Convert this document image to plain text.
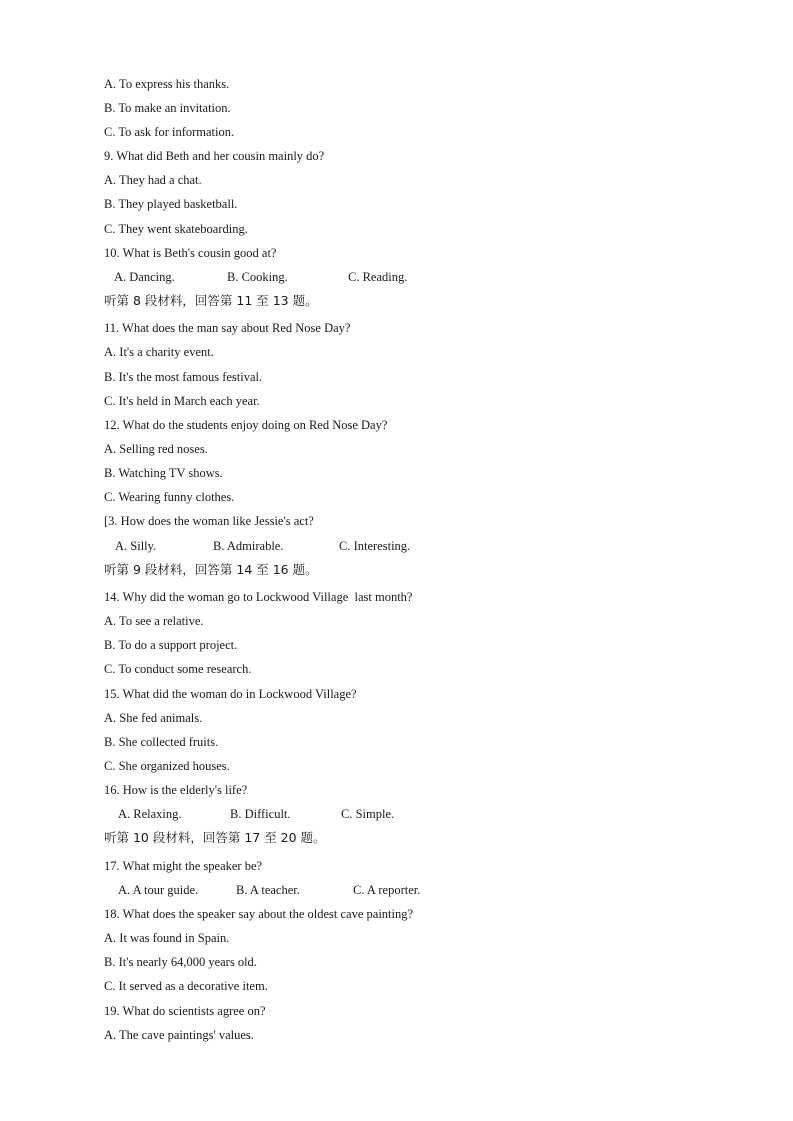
A. To express his thanks.
B. To make an invitation.
C. To ask for information.
9. What did Beth and her cousin mainly do?
A. They had a chat.
B. They played basketball.
C. They went skateboarding.
10. What is Beth's cousin good at?
A. Dancing.	B. Cooking.	C. Reading.
听第 8 段材料，回答第 11 至 13 题。
11. What does the man say about Red Nose Day?
A. It's a charity event.
B. It's the most famous festival.
C. It's held in March each year.
12. What do the students enjoy doing on Red Nose Day?
A. Selling red noses.
B. Watching TV shows.
C. Wearing funny clothes.
[3. How does the woman like Jessie's act?
A. Silly.	B. Admirable.	C. Interesting.
听第 9 段材料，回答第 14 至 16 题。
14. Why did the woman go to Lockwood Village  last month?
A. To see a relative.
B. To do a support project.
C. To conduct some research.
15. What did the woman do in Lockwood Village?
A. She fed animals.
B. She collected fruits.
C. She organized houses.
16. How is the elderly's life?
A. Relaxing.	B. Difficult.	C. Simple.
听第 10 段材料，回答第 17 至 20 题。
17. What might the speaker be?
A. A tour guide.	B. A teacher.	C. A reporter.
18. What does the speaker say about the oldest cave painting?
A. It was found in Spain.
B. It's nearly 64,000 years old.
C. It served as a decorative item.
19. What do scientists agree on?
A. The cave paintings' values.
